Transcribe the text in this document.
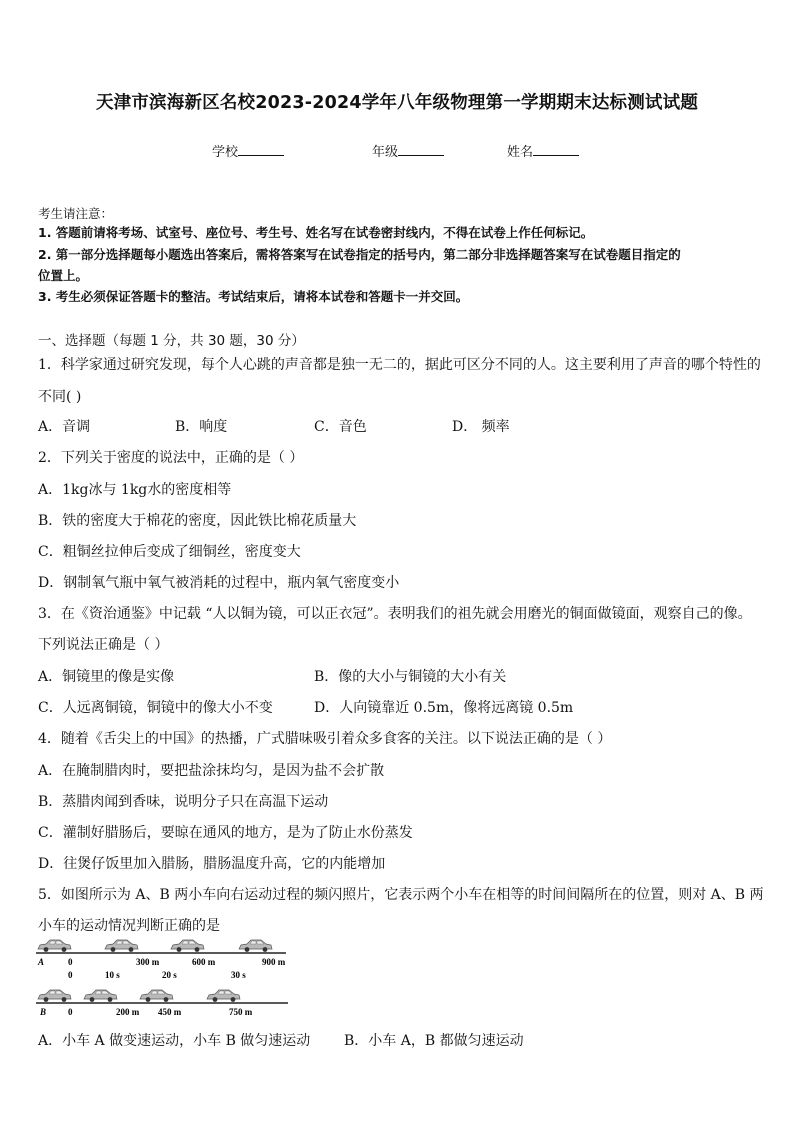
天津市滨海新区名校2023-2024学年八年级物理第一学期期末达标测试试题
学校	年级	姓名
考生请注意：
1. 答题前请将考场、试室号、座位号、考生号、姓名写在试卷密封线内，不得在试卷上作任何标记。
2. 第一部分选择题每小题选出答案后，需将答案写在试卷指定的括号内，第二部分非选择题答案写在试卷题目指定的
位置上。
3. 考生必须保证答题卡的整洁。考试结束后，请将本试卷和答题卡一并交回。
一、选择题（每题 1 分，共 30 题，30 分）
1．科学家通过研究发现，每个人心跳的声音都是独一无二的，据此可区分不同的人。这主要利用了声音的哪个特性的
不同( )
A．音调	B．响度	C．音色	D． 频率
2．下列关于密度的说法中，正确的是（ ）
A．1kg冰与 1kg水的密度相等
B．铁的密度大于棉花的密度，因此铁比棉花质量大
C．粗铜丝拉伸后变成了细铜丝，密度变大
D．钢制氧气瓶中氧气被消耗的过程中，瓶内氧气密度变小
3．在《资治通鉴》中记载 “人以铜为镜，可以正衣冠”。表明我们的祖先就会用磨光的铜面做镜面，观察自己的像。
下列说法正确是（ ）
A．铜镜里的像是实像	B．像的大小与铜镜的大小有关
C．人远离铜镜，铜镜中的像大小不变	D．人向镜靠近 0.5m，像将远离镜 0.5m
4．随着《舌尖上的中国》的热播，广式腊味吸引着众多食客的关注。以下说法正确的是（ ）
A．在腌制腊肉时，要把盐涂抹均匀，是因为盐不会扩散
B．蒸腊肉闻到香味，说明分子只在高温下运动
C．灌制好腊肠后，要晾在通风的地方，是为了防止水份蒸发
D．往煲仔饭里加入腊肠，腊肠温度升高，它的内能增加
5．如图所示为 A、B 两小车向右运动过程的频闪照片，它表示两个小车在相等的时间间隔所在的位置，则对 A、B 两
小车的运动情况判断正确的是
A	0	300 m	600 m	900 m
0	10 s	20 s	30 s
B 0	200 m 450 m	750 m
A．小车 A 做变速运动，小车 B 做匀速运动 B．小车 A，B 都做匀速运动
